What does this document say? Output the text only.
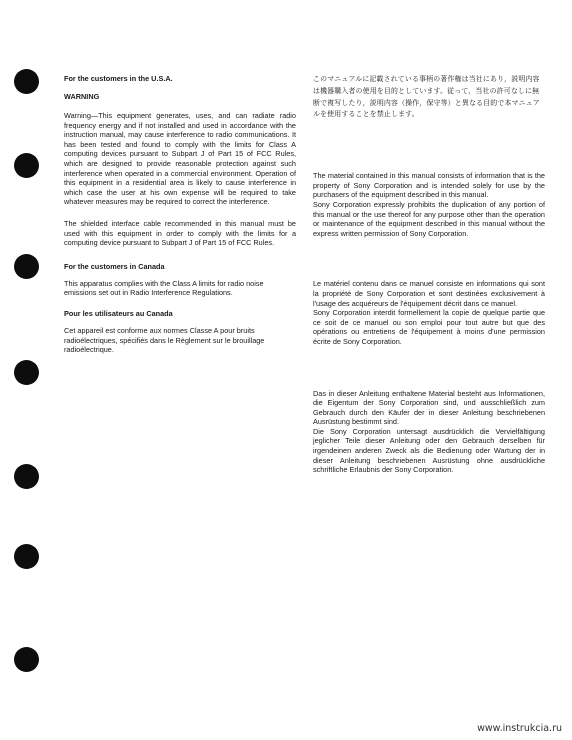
For the customers in the U.S.A.

WARNING

Warning—This equipment generates, uses, and can radiate radio frequency energy and if not installed and used in accordance with the instruction manual, may cause interference to radio communications. It has been tested and found to comply with the limits for Class A computing devices pursuant to Subpart J of Part 15 of FCC Rules, which are designed to provide reasonable protection against such interference when operated in a commercial environment. Operation of this equipment in a residential area is likely to cause interference in which case the user at his own expense will be required to take whatever measures may be required to correct the interference.

The shielded interface cable recommended in this manual must be used with this equipment in order to comply with the limits for a computing device pursuant to Subpart J of Part 15 of FCC Rules.

For the customers in Canada

This apparatus complies with the Class A limits for radio noise emissions set out in Radio Interference Regulations.

Pour les utilisateurs au Canada

Cet appareil est conforme aux normes Classe A pour bruits radioélectriques, spécifiés dans le Règlement sur le brouillage radioélectrique.

このマニュアルに記載されている事柄の著作権は当社にあり，説明内容は機器購入者の使用を目的としています。従って，当社の許可なしに無断で複写したり，説明内容（操作，保守等）と異なる目的で本マニュアルを使用することを禁止します。

The material contained in this manual consists of information that is the property of Sony Corporation and is intended solely for use by the purchasers of the equipment described in this manual.

Sony Corporation expressly prohibits the duplication of any portion of this manual or the use thereof for any purpose other than the operation or maintenance of the equipment described in this manual without the express written permission of Sony Corporation.

Le matériel contenu dans ce manuel consiste en informations qui sont la propriété de Sony Corporation et sont destinées exclusivement à l'usage des acquéreurs de l'équipement décrit dans ce manuel.

Sony Corporation interdit formellement la copie de quelque partie que ce soit de ce manuel ou son emploi pour tout autre but que des opérations ou entretiens de l'équipement à moins d'une permission écrite de Sony Corporation.

Das in dieser Anleitung enthaltene Material besteht aus Informationen, die Eigentum der Sony Corporation sind, und ausschließlich zum Gebrauch durch den Käufer der in dieser Anleitung beschriebenen Ausrüstung bestimmt sind.

Die Sony Corporation untersagt ausdrücklich die Vervielfältigung jeglicher Teile dieser Anleitung oder den Gebrauch derselben für irgendeinen anderen Zweck als die Bedienung oder Wartung der in dieser Anleitung beschriebenen Ausrüstung ohne ausdrückliche schriftliche Erlaubnis der Sony Corporation.

www.instrukcia.ru
